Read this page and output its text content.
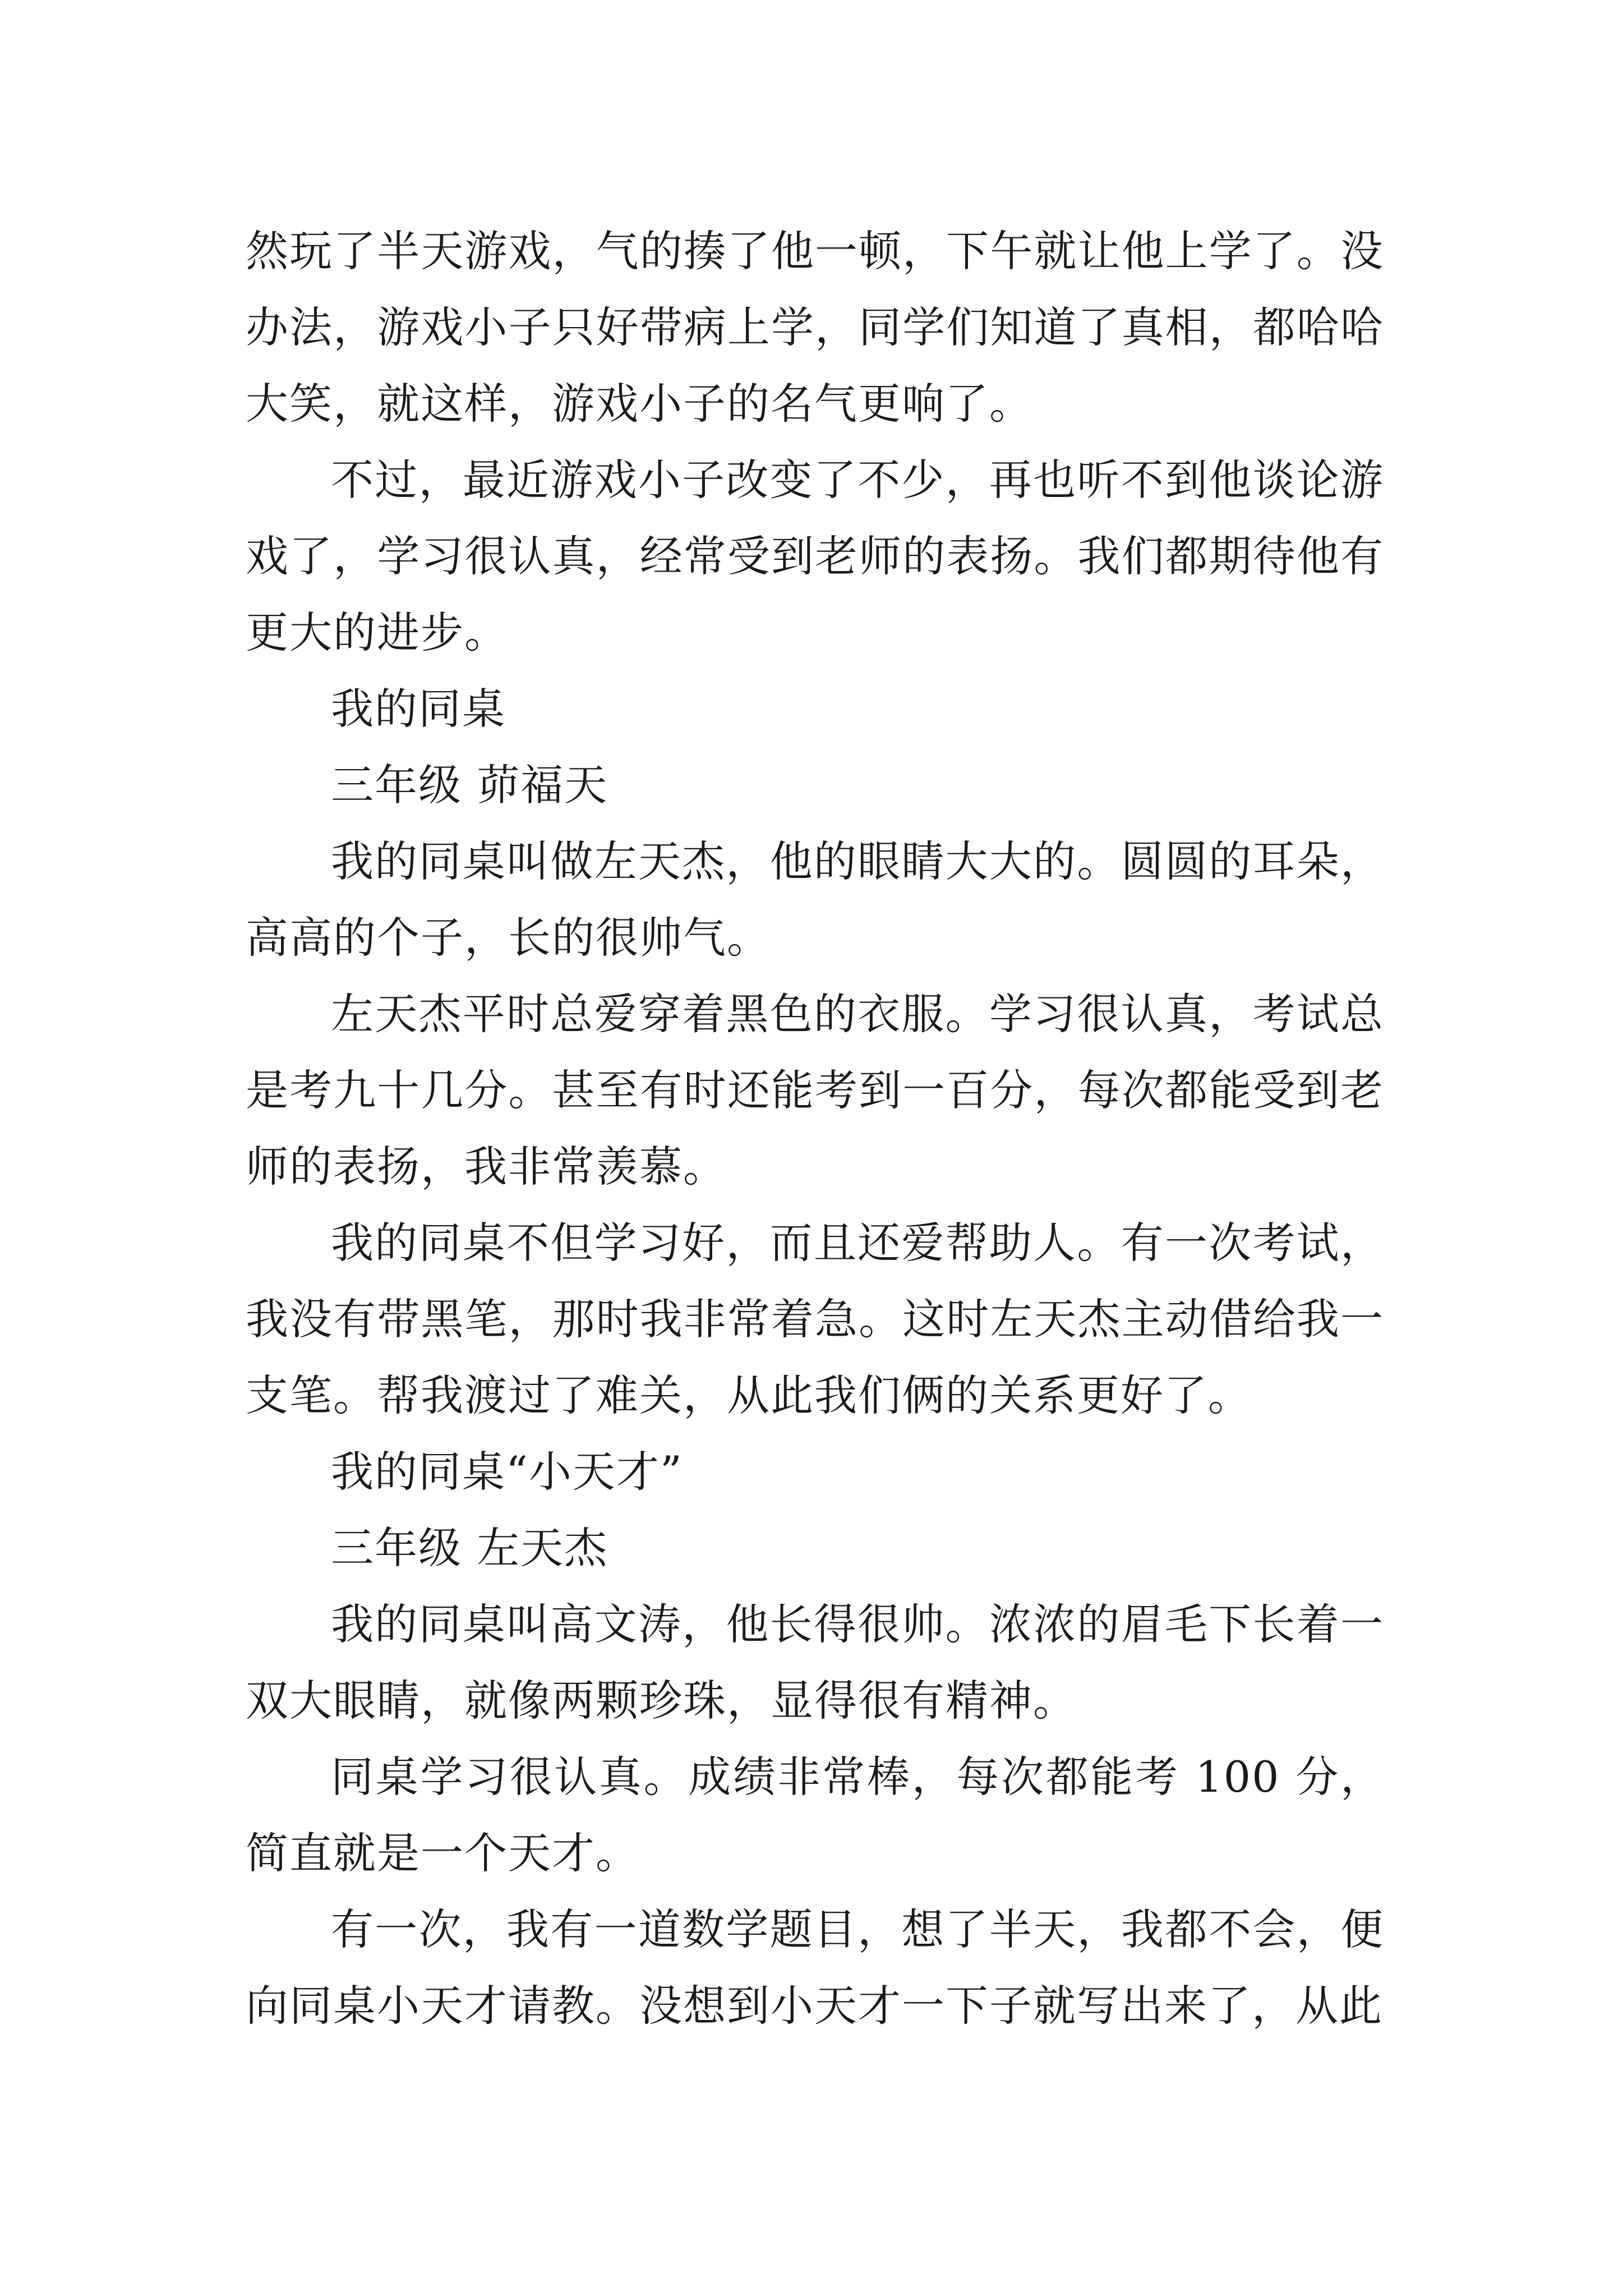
然玩了半天游戏，气的揍了他一顿，下午就让他上学了。没办法，游戏小子只好带病上学，同学们知道了真相，都哈哈大笑，就这样，游戏小子的名气更响了。

不过，最近游戏小子改变了不少，再也听不到他谈论游戏了，学习很认真，经常受到老师的表扬。我们都期待他有更大的进步。

我的同桌

三年级 茆福天

我的同桌叫做左天杰，他的眼睛大大的。圆圆的耳朵，高高的个子，长的很帅气。

左天杰平时总爱穿着黑色的衣服。学习很认真，考试总是考九十几分。甚至有时还能考到一百分，每次都能受到老师的表扬，我非常羡慕。

我的同桌不但学习好，而且还爱帮助人。有一次考试，我没有带黑笔，那时我非常着急。这时左天杰主动借给我一支笔。帮我渡过了难关，从此我们俩的关系更好了。

我的同桌“小天才”

三年级 左天杰

我的同桌叫高文涛，他长得很帅。浓浓的眉毛下长着一双大眼睛，就像两颗珍珠，显得很有精神。

同桌学习很认真。成绩非常棒，每次都能考 100 分，简直就是一个天才。

有一次，我有一道数学题目，想了半天，我都不会，便向同桌小天才请教。没想到小天才一下子就写出来了，从此
